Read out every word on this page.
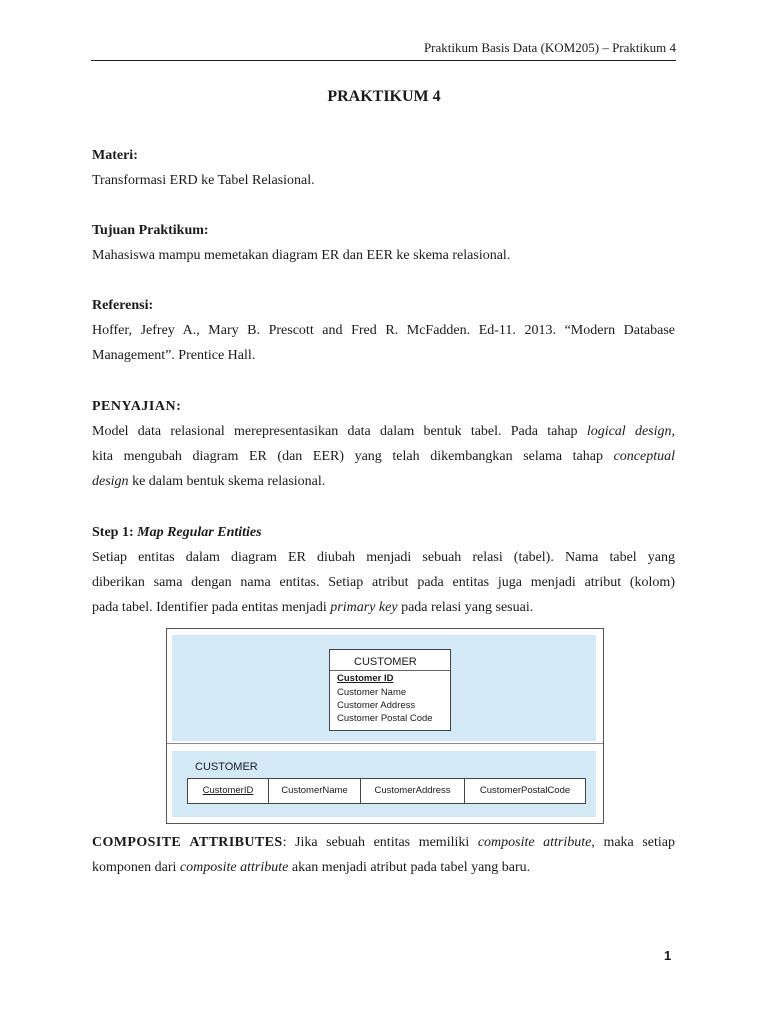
Praktikum Basis Data (KOM205) – Praktikum 4
PRAKTIKUM 4
Materi:
Transformasi ERD ke Tabel Relasional.
Tujuan Praktikum:
Mahasiswa mampu memetakan diagram ER dan EER ke skema relasional.
Referensi:
Hoffer, Jefrey A., Mary B. Prescott and Fred R. McFadden. Ed-11. 2013. “Modern Database
Management”. Prentice Hall.
PENYAJIAN:
Model data relasional merepresentasikan data dalam bentuk tabel. Pada tahap logical design,
kita mengubah diagram ER (dan EER) yang telah dikembangkan selama tahap conceptual
design ke dalam bentuk skema relasional.
Step 1: Map Regular Entities
Setiap entitas dalam diagram ER diubah menjadi sebuah relasi (tabel). Nama tabel yang
diberikan sama dengan nama entitas. Setiap atribut pada entitas juga menjadi atribut (kolom)
pada tabel. Identifier pada entitas menjadi primary key pada relasi yang sesuai.
CUSTOMER
Customer ID
Customer Name
Customer Address
Customer Postal Code
CUSTOMER
CustomerID	CustomerName	CustomerAddress	CustomerPostalCode
COMPOSITE ATTRIBUTES: Jika sebuah entitas memiliki composite attribute, maka setiap
komponen dari composite attribute akan menjadi atribut pada tabel yang baru.
1
